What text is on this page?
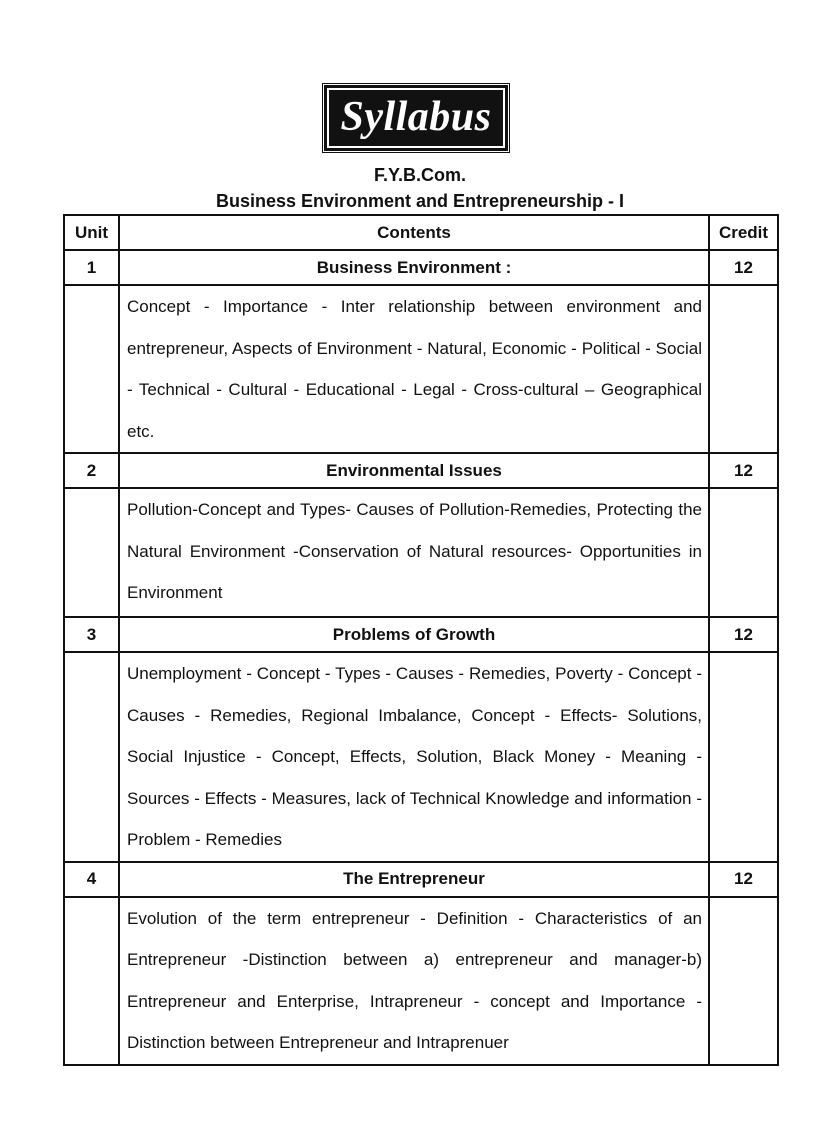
Syllabus
F.Y.B.Com.
Business Environment and Entrepreneurship - I
Unit	Contents	Credit
1	Business Environment :	12
	Concept - Importance - Inter relationship between environment and entrepreneur, Aspects of Environment - Natural, Economic - Political - Social - Technical - Cultural - Educational - Legal - Cross-cultural – Geographical etc.	
2	Environmental Issues	12
	Pollution-Concept and Types- Causes of Pollution-Remedies, Protecting the Natural Environment -Conservation of Natural resources- Opportunities in Environment	
3	Problems of Growth	12
	Unemployment - Concept - Types - Causes - Remedies, Poverty - Concept - Causes - Remedies, Regional Imbalance, Concept - Effects- Solutions, Social Injustice - Concept, Effects, Solution, Black Money - Meaning - Sources - Effects - Measures, lack of Technical Knowledge and information - Problem - Remedies	
4	The Entrepreneur	12
	Evolution of the term entrepreneur - Definition - Characteristics of an Entrepreneur -Distinction between a) entrepreneur and manager-b) Entrepreneur and Enterprise, Intrapreneur - concept and Importance - Distinction between Entrepreneur and Intraprenuer	
